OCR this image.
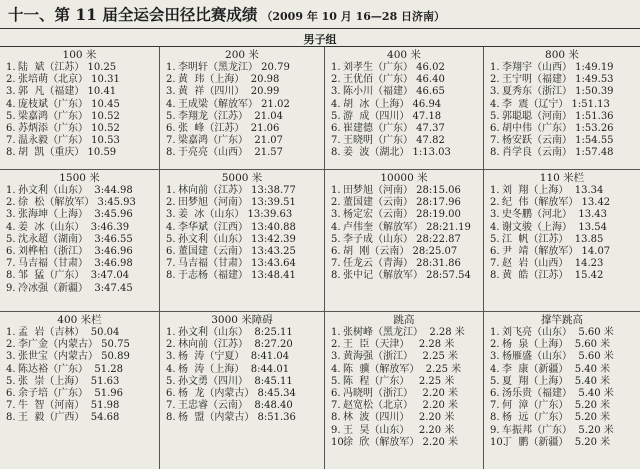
十一、第 11 届全运会田径比赛成绩 （2009 年 10 月 16—28 日济南）
男子组
100 米
1. 陆  斌（江苏） 10.25
2. 张培萌（北京） 10.31
3. 郭  凡（福建） 10.41
4. 庞枝斌（广东） 10.45
5. 梁嘉鸿（广东） 10.52
6. 苏炳添（广东） 10.52
7. 温永毅（广东） 10.53
8. 胡  凯（重庆） 10.59
200 米
1. 李明轩（黑龙江） 20.79
2. 黄  玮（上海）  20.98
3. 黄  祥（四川）  20.99
4. 王成梁（解放军） 21.02
5. 李翔龙（江苏）  21.04
6. 张  峰（江苏）  21.06
7. 梁嘉鸿（广东）  21.07
8. 于亮亮（山西）  21.57
400 米
1. 刘孝生（广东） 46.02
2. 王优佰（广东） 46.40
3. 陈小川（福建） 46.65
4. 胡  冰（上海） 46.94
5. 游  成（四川） 47.18
6. 崔建德（广东） 47.37
7. 王晓明（广东） 47.82
8. 姜  波（湖北） 1:13.03
800 米
1. 李翔宇（山西） 1:49.19
2. 王宁明（福建） 1:49.53
3. 夏秀东（浙江） 1:50.39
4. 李  震（辽宁） 1:51.13
5. 郭聪聪（河南） 1:51.36
6. 胡中伟（广东） 1:53.26
7. 杨安跃（云南） 1:54.55
8. 肖学良（云南） 1:57.48
1500 米
1. 孙文利（山东）  3:44.98
2. 徐  松（解放军） 3:45.93
3. 张海坤（上海）  3:45.96
4. 姜  冰（山东）  3:46.39
5. 沈永超（湖南）  3:46.55
6. 刘桦柏（浙江）  3:46.96
7. 马吉福（甘肃）  3:46.98
8. 邹  猛（广东）  3:47.04
9. 冷冰强（新疆）  3:47.45
5000 米
1. 林向前（江苏） 13:38.77
2. 田梦旭（河南） 13:39.51
3. 姜  冰（山东） 13:39.63
4. 李华斌（江西） 13:40.88
5. 孙文利（山东） 13:42.39
6. 董国建（云南） 13:43.25
7. 马吉福（甘肃） 13:43.64
8. 于志杨（福建） 13:48.41
10000 米
1. 田梦旭（河南） 28:15.06
2. 董国建（云南） 28:17.96
3. 杨定宏（云南） 28:19.00
4. 卢伟奎（解放军） 28:21.19
5. 李子成（山东） 28:22.87
6. 胡  刚（云南） 28:25.07
7. 任龙云（青海） 28:31.86
8. 张中记（解放军） 28:57.54
110 米栏
1. 刘  翔（上海）  13.34
2. 纪  伟（解放军） 13.42
3. 史冬鹏（河北）  13.43
4. 谢文骏（上海）  13.54
5. 江  帆（江苏）  13.85
6. 尹  靖（解放军） 14.07
7. 赵  岩（山西）  14.23
8. 黄  皓（江苏）  15.42
400 米栏
1. 孟  岩（吉林）  50.04
2. 李广金（内蒙古） 50.75
3. 张世宝（内蒙古） 50.89
4. 陈达裕（广东）  51.28
5. 张  崇（上海）  51.63
6. 余子培（广东）  51.96
7. 牛  智（河南）  51.98
8. 王  毅（广西）  54.68
3000 米障碍
1. 孙文利（山东）  8:25.11
2. 林向前（江苏）  8:27.20
3. 杨  涛（宁夏）  8:41.04
4. 杨  涛（上海）  8:44.01
5. 孙文勇（四川）  8:45.11
6. 杨  龙（内蒙古） 8:45.34
7. 王忠睿（云南）  8:48.40
8. 杨  盟（内蒙古） 8:51.36
跳高
1. 张树峰（黑龙江）  2.28 米
2. 王  臣（天津）   2.28 米
3. 黄海强（浙江）   2.25 米
4. 陈  骥（解放军）  2.25 米
5. 陈  程（广东）   2.25 米
6. 冯晓明（浙江）   2.20 米
7. 赵宽松（北京）   2.20 米
8. 林  波（四川）   2.20 米
9. 王  昊（山东）   2.20 米
10.徐  欣（解放军） 2.20 米
撑竿跳高
1. 刘飞亮（山东）  5.60 米
2. 杨  泉（上海）  5.60 米
3. 杨雁盛（山东）  5.60 米
4. 李  康（新疆）  5.40 米
5. 夏  翔（上海）  5.40 米
6. 汤乐贵（福建）  5.40 米
7. 何  漳（广东）  5.20 米
8. 杨  远（广东）  5.20 米
9. 车振邦（广东）  5.20 米
10.丁  鹏（新疆）  5.20 米
